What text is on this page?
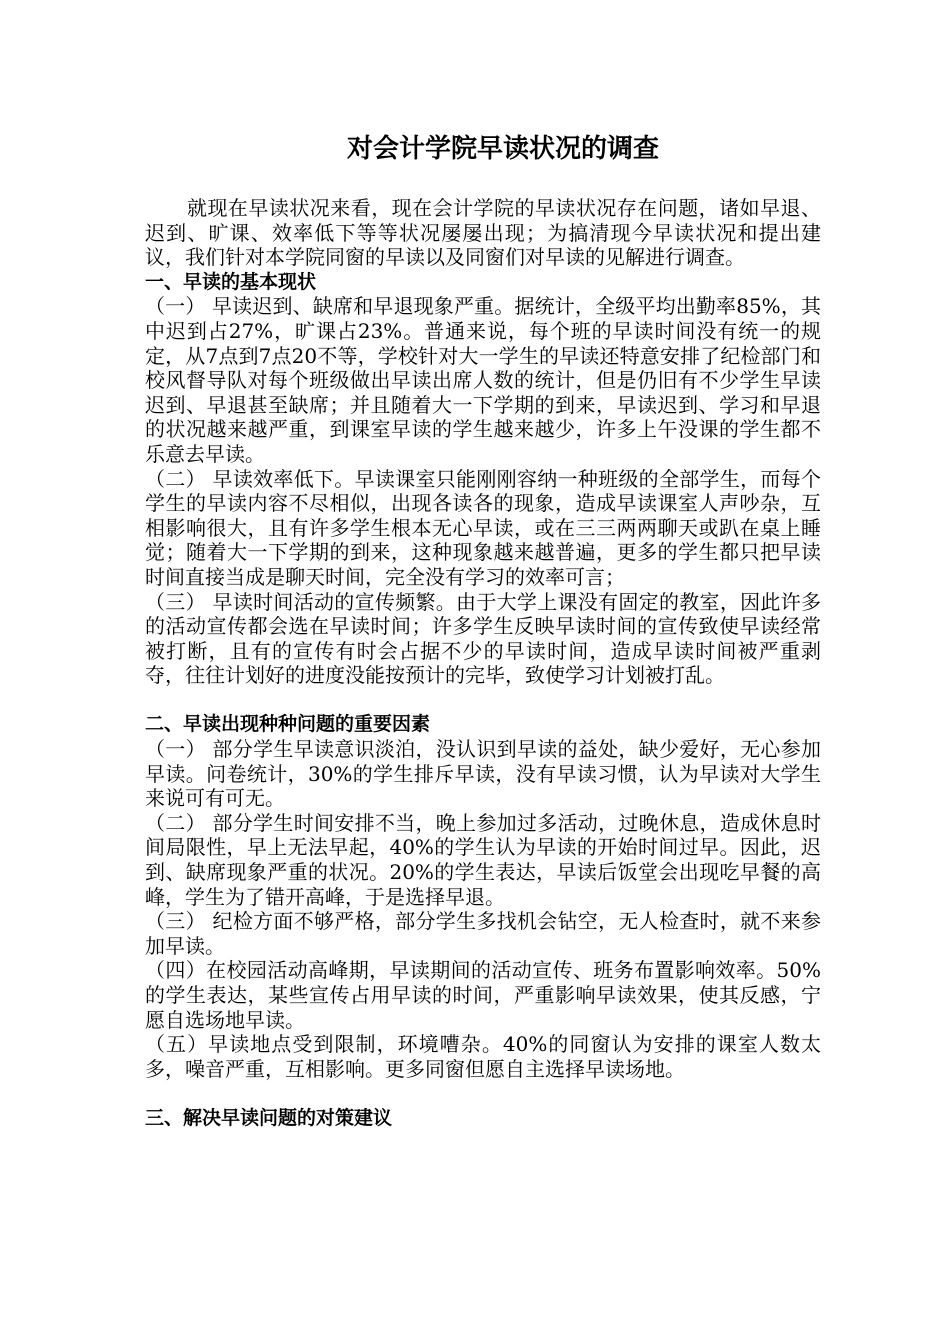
对会计学院早读状况的调查

就现在早读状况来看，现在会计学院的早读状况存在问题，诸如早退、迟到、旷课、效率低下等等状况屡屡出现；为搞清现今早读状况和提出建议，我们针对本学院同窗的早读以及同窗们对早读的见解进行调查。

一、早读的基本现状

（一） 早读迟到、缺席和早退现象严重。据统计，全级平均出勤率85%，其中迟到占27%，旷课占23%。普通来说，每个班的早读时间没有统一的规定，从7点到7点20不等，学校针对大一学生的早读还特意安排了纪检部门和校风督导队对每个班级做出早读出席人数的统计，但是仍旧有不少学生早读迟到、早退甚至缺席；并且随着大一下学期的到来，早读迟到、学习和早退的状况越来越严重，到课室早读的学生越来越少，许多上午没课的学生都不乐意去早读。

（二） 早读效率低下。早读课室只能刚刚容纳一种班级的全部学生，而每个学生的早读内容不尽相似，出现各读各的现象，造成早读课室人声吵杂，互相影响很大，且有许多学生根本无心早读，或在三三两两聊天或趴在桌上睡觉；随着大一下学期的到来，这种现象越来越普遍，更多的学生都只把早读时间直接当成是聊天时间，完全没有学习的效率可言；

（三） 早读时间活动的宣传频繁。由于大学上课没有固定的教室，因此许多的活动宣传都会选在早读时间；许多学生反映早读时间的宣传致使早读经常被打断，且有的宣传有时会占据不少的早读时间，造成早读时间被严重剥夺，往往计划好的进度没能按预计的完毕，致使学习计划被打乱。

二、早读出现种种问题的重要因素

（一） 部分学生早读意识淡泊，没认识到早读的益处，缺少爱好，无心参加早读。问卷统计，30%的学生排斥早读，没有早读习惯，认为早读对大学生来说可有可无。

（二） 部分学生时间安排不当，晚上参加过多活动，过晚休息，造成休息时间局限性，早上无法早起，40%的学生认为早读的开始时间过早。因此，迟到、缺席现象严重的状况。20%的学生表达，早读后饭堂会出现吃早餐的高峰，学生为了错开高峰，于是选择早退。

（三） 纪检方面不够严格，部分学生多找机会钻空，无人检查时，就不来参加早读。

（四）在校园活动高峰期，早读期间的活动宣传、班务布置影响效率。50%的学生表达，某些宣传占用早读的时间，严重影响早读效果，使其反感，宁愿自选场地早读。

（五）早读地点受到限制，环境嘈杂。40%的同窗认为安排的课室人数太多，噪音严重，互相影响。更多同窗但愿自主选择早读场地。

三、解决早读问题的对策建议
